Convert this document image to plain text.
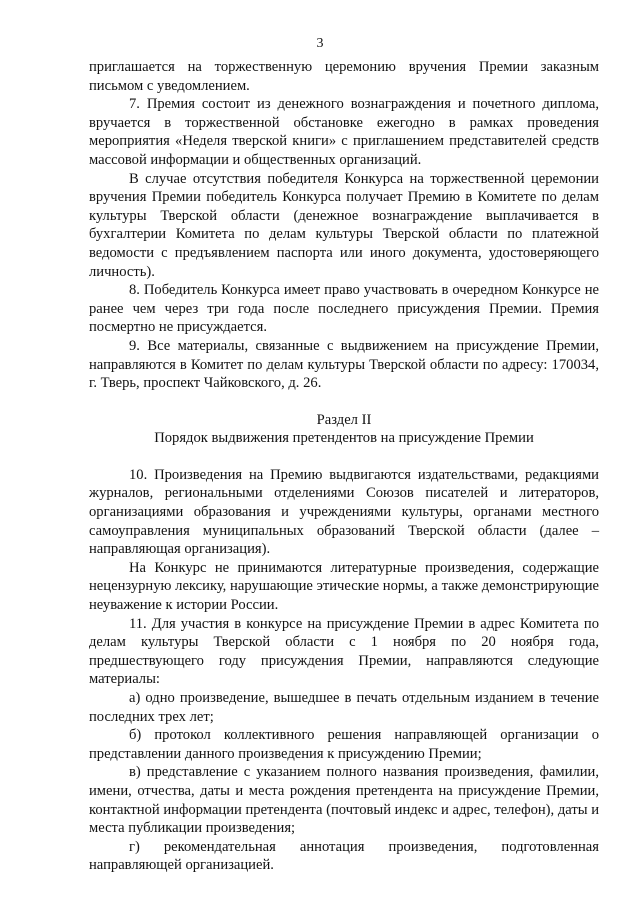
3

приглашается на торжественную церемонию вручения Премии заказным письмом с уведомлением.

7. Премия состоит из денежного вознаграждения и почетного диплома, вручается в торжественной обстановке ежегодно в рамках проведения мероприятия «Неделя тверской книги» с приглашением представителей средств массовой информации и общественных организаций.

В случае отсутствия победителя Конкурса на торжественной церемонии вручения Премии победитель Конкурса получает Премию в Комитете по делам культуры Тверской области (денежное вознаграждение выплачивается в бухгалтерии Комитета по делам культуры Тверской области по платежной ведомости с предъявлением паспорта или иного документа, удостоверяющего личность).

8. Победитель Конкурса имеет право участвовать в очередном Конкурсе не ранее чем через три года после последнего присуждения Премии. Премия посмертно не присуждается.

9. Все материалы, связанные с выдвижением на присуждение Премии, направляются в Комитет по делам культуры Тверской области по адресу: 170034, г. Тверь, проспект Чайковского, д. 26.

Раздел II

Порядок выдвижения претендентов на присуждение Премии

10. Произведения на Премию выдвигаются издательствами, редакциями журналов, региональными отделениями Союзов писателей и литераторов, организациями образования и учреждениями культуры, органами местного самоуправления муниципальных образований Тверской области (далее – направляющая организация).

На Конкурс не принимаются литературные произведения, содержащие нецензурную лексику, нарушающие этические нормы, а также демонстрирующие неуважение к истории России.

11. Для участия в конкурсе на присуждение Премии в адрес Комитета по делам культуры Тверской области с 1 ноября по 20 ноября года, предшествующего году присуждения Премии, направляются следующие материалы:

а) одно произведение, вышедшее в печать отдельным изданием в течение последних трех лет;

б) протокол коллективного решения направляющей организации о представлении данного произведения к присуждению Премии;

в) представление с указанием полного названия произведения, фамилии, имени, отчества, даты и места рождения претендента на присуждение Премии, контактной информации претендента (почтовый индекс и адрес, телефон), даты и места публикации произведения;

г) рекомендательная аннотация произведения, подготовленная направляющей организацией.
